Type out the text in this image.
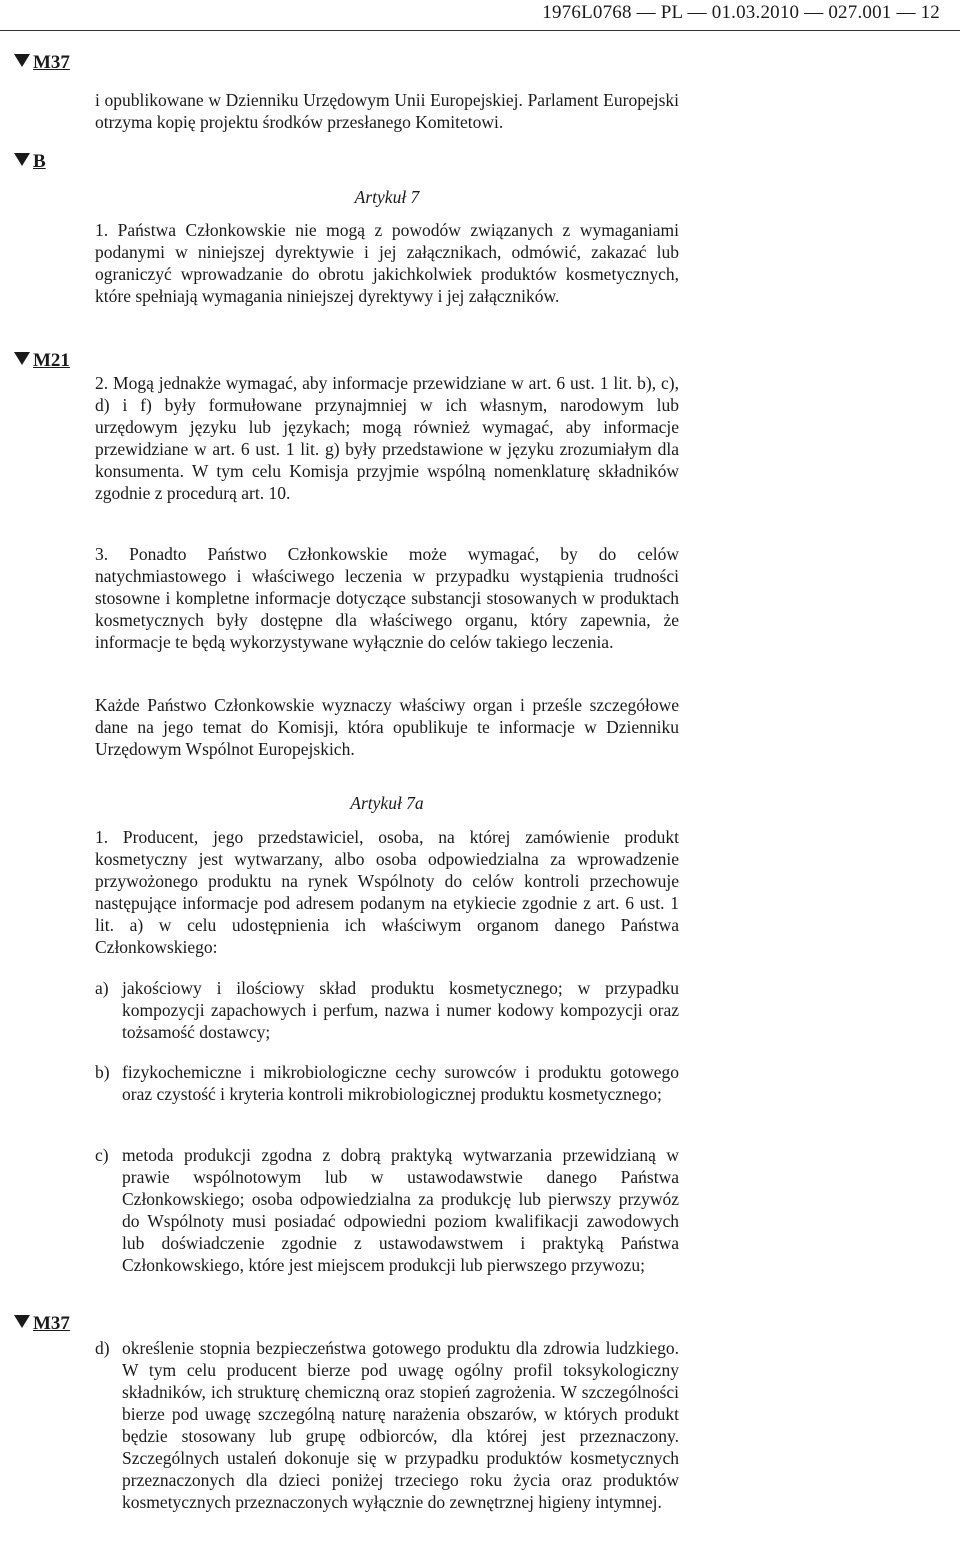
1976L0768 — PL — 01.03.2010 — 027.001 — 12
M37
B
M21
M37
i opublikowane w Dzienniku Urzędowym Unii Europejskiej. Parlament Europejski otrzyma kopię projektu środków przesłanego Komitetowi.
Artykuł 7
1. Państwa Członkowskie nie mogą z powodów związanych z wymaganiami podanymi w niniejszej dyrektywie i jej załącznikach, odmówić, zakazać lub ograniczyć wprowadzanie do obrotu jakichkolwiek produktów kosmetycznych, które spełniają wymagania niniejszej dyrektywy i jej załączników.
2. Mogą jednakże wymagać, aby informacje przewidziane w art. 6 ust. 1 lit. b), c), d) i f) były formułowane przynajmniej w ich własnym, narodowym lub urzędowym języku lub językach; mogą również wymagać, aby informacje przewidziane w art. 6 ust. 1 lit. g) były przedstawione w języku zrozumiałym dla konsumenta. W tym celu Komisja przyjmie wspólną nomenklaturę składników zgodnie z procedurą art. 10.
3. Ponadto Państwo Członkowskie może wymagać, by do celów natychmiastowego i właściwego leczenia w przypadku wystąpienia trudności stosowne i kompletne informacje dotyczące substancji stosowanych w produktach kosmetycznych były dostępne dla właściwego organu, który zapewnia, że informacje te będą wykorzystywane wyłącznie do celów takiego leczenia.
Każde Państwo Członkowskie wyznaczy właściwy organ i prześle szczegółowe dane na jego temat do Komisji, która opublikuje te informacje w Dzienniku Urzędowym Wspólnot Europejskich.
Artykuł 7a
1. Producent, jego przedstawiciel, osoba, na której zamówienie produkt kosmetyczny jest wytwarzany, albo osoba odpowiedzialna za wprowadzenie przywożonego produktu na rynek Wspólnoty do celów kontroli przechowuje następujące informacje pod adresem podanym na etykiecie zgodnie z art. 6 ust. 1 lit. a) w celu udostępnienia ich właściwym organom danego Państwa Członkowskiego:
a) jakościowy i ilościowy skład produktu kosmetycznego; w przypadku kompozycji zapachowych i perfum, nazwa i numer kodowy kompozycji oraz tożsamość dostawcy;
b) fizykochemiczne i mikrobiologiczne cechy surowców i produktu gotowego oraz czystość i kryteria kontroli mikrobiologicznej produktu kosmetycznego;
c) metoda produkcji zgodna z dobrą praktyką wytwarzania przewidzianą w prawie wspólnotowym lub w ustawodawstwie danego Państwa Członkowskiego; osoba odpowiedzialna za produkcję lub pierwszy przywóz do Wspólnoty musi posiadać odpowiedni poziom kwalifikacji zawodowych lub doświadczenie zgodnie z ustawodawstwem i praktyką Państwa Członkowskiego, które jest miejscem produkcji lub pierwszego przywozu;
d) określenie stopnia bezpieczeństwa gotowego produktu dla zdrowia ludzkiego. W tym celu producent bierze pod uwagę ogólny profil toksykologiczny składników, ich strukturę chemiczną oraz stopień zagrożenia. W szczególności bierze pod uwagę szczególną naturę narażenia obszarów, w których produkt będzie stosowany lub grupę odbiorców, dla której jest przeznaczony. Szczególnych ustaleń dokonuje się w przypadku produktów kosmetycznych przeznaczonych dla dzieci poniżej trzeciego roku życia oraz produktów kosmetycznych przeznaczonych wyłącznie do zewnętrznej higieny intymnej.
